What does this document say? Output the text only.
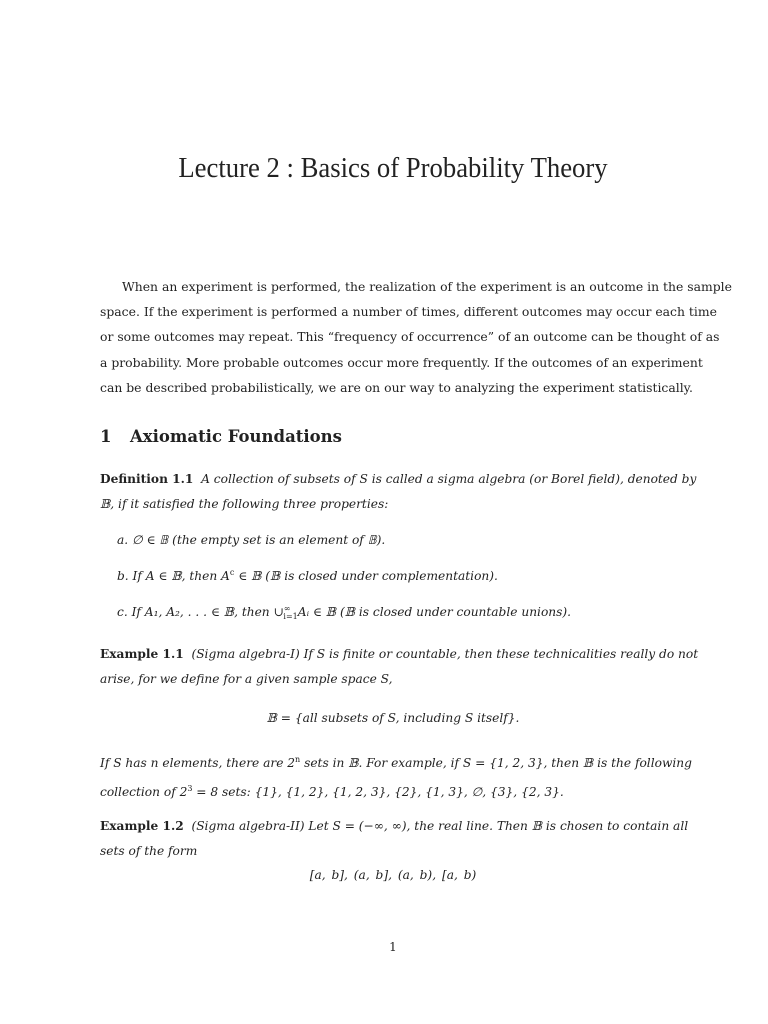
Lecture 2 : Basics of Probability Theory
When an experiment is performed, the realization of the experiment is an outcome in the sample
space. If the experiment is performed a number of times, different outcomes may occur each time
or some outcomes may repeat. This “frequency of occurrence” of an outcome can be thought of as
a probability. More probable outcomes occur more frequently. If the outcomes of an experiment
can be described probabilistically, we are on our way to analyzing the experiment statistically.
1 Axiomatic Foundations
Definition 1.1 A collection of subsets of S is called a sigma algebra (or Borel field), denoted by
𝔹, if it satisfied the following three properties:
a. ∅ ∈ 𝔹 (the empty set is an element of 𝔹).
b. If A ∈ 𝔹, then $A^c$ ∈ 𝔹 (𝔹 is closed under complementation).
c. If A₁, A₂, . . . ∈ 𝔹, then $\cup^\infty_{i=1}Aᵢ$ ∈ 𝔹 (𝔹 is closed under countable unions).
Example 1.1 (Sigma algebra-I) If S is finite or countable, then these technicalities really do not
arise, for we define for a given sample space S,
𝔹 = {all subsets of S, including S itself}.
If S has n elements, there are 2$^n$ sets in 𝔹. For example, if S = {1, 2, 3}, then 𝔹 is the following
collection of $2^3 = 8$ sets: {1}, {1, 2}, {1, 2, 3}, {2}, {1, 3}, ∅, {3}, {2, 3}.
Example 1.2 (Sigma algebra-II) Let S = (−∞, ∞), the real line. Then 𝔹 is chosen to contain all
sets of the form
[a, b], (a, b], (a, b), [a, b)
1
